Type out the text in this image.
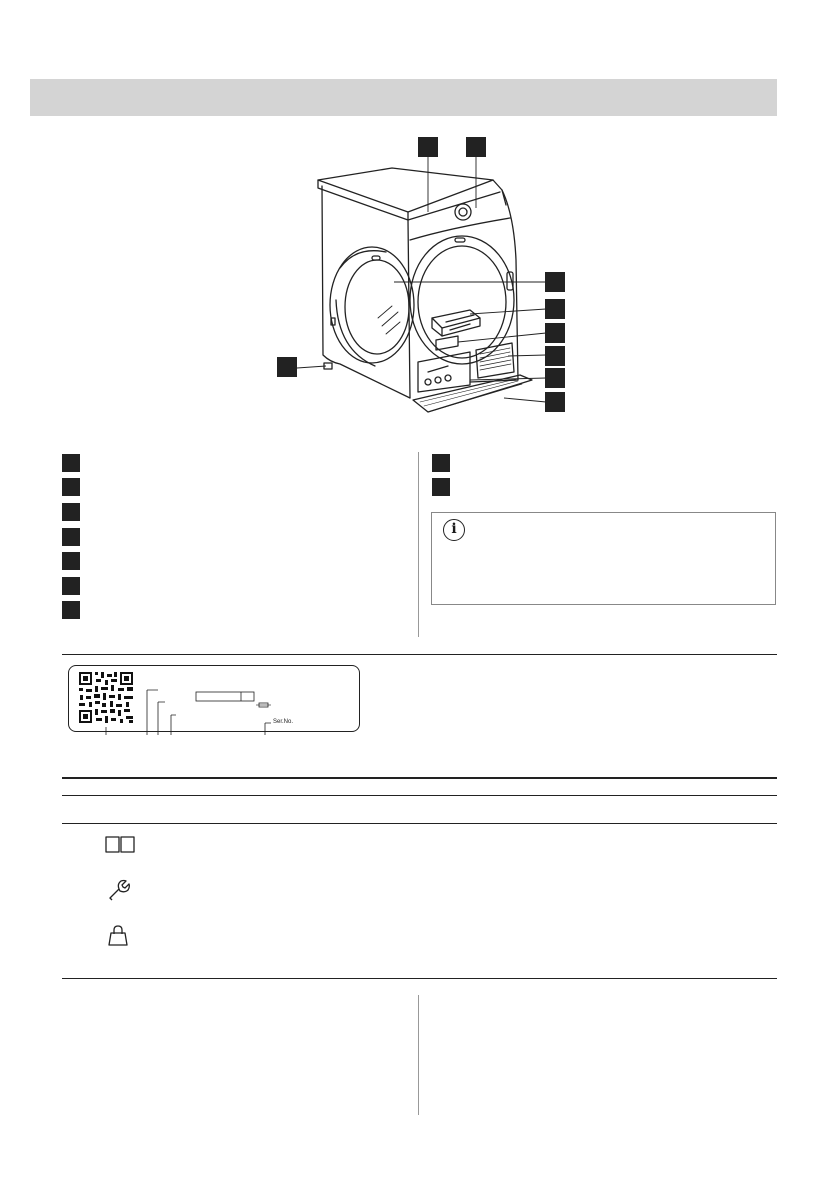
i
Ser.No.
